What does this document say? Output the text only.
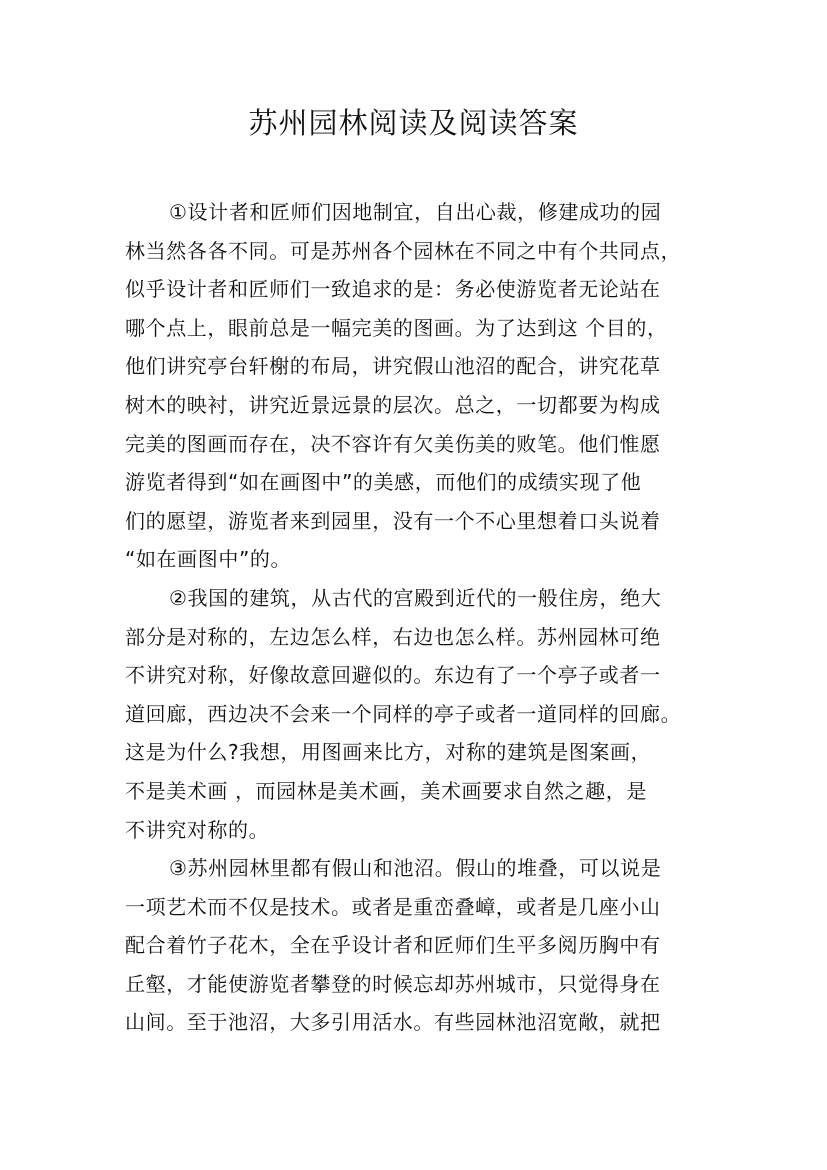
苏州园林阅读及阅读答案
①设计者和匠师们因地制宜，自出心裁，修建成功的园
林当然各各不同。可是苏州各个园林在不同之中有个共同点，
似乎设计者和匠师们一致追求的是：务必使游览者无论站在
哪个点上，眼前总是一幅完美的图画。为了达到这 个目的，
他们讲究亭台轩榭的布局，讲究假山池沼的配合，讲究花草
树木的映衬，讲究近景远景的层次。总之，一切都要为构成
完美的图画而存在，决不容许有欠美伤美的败笔。他们惟愿
游览者得到“如在画图中”的美感，而他们的成绩实现了他
们的愿望，游览者来到园里，没有一个不心里想着口头说着
“如在画图中”的。
②我国的建筑，从古代的宫殿到近代的一般住房，绝大
部分是对称的，左边怎么样，右边也怎么样。苏州园林可绝
不讲究对称，好像故意回避似的。东边有了一个亭子或者一
道回廊，西边决不会来一个同样的亭子或者一道同样的回廊。
这是为什么?我想，用图画来比方，对称的建筑是图案画，
不是美术画 ，而园林是美术画，美术画要求自然之趣，是
不讲究对称的。
③苏州园林里都有假山和池沼。假山的堆叠，可以说是
一项艺术而不仅是技术。或者是重峦叠嶂，或者是几座小山
配合着竹子花木，全在乎设计者和匠师们生平多阅历胸中有
丘壑，才能使游览者攀登的时候忘却苏州城市，只觉得身在
山间。至于池沼，大多引用活水。有些园林池沼宽敞，就把
